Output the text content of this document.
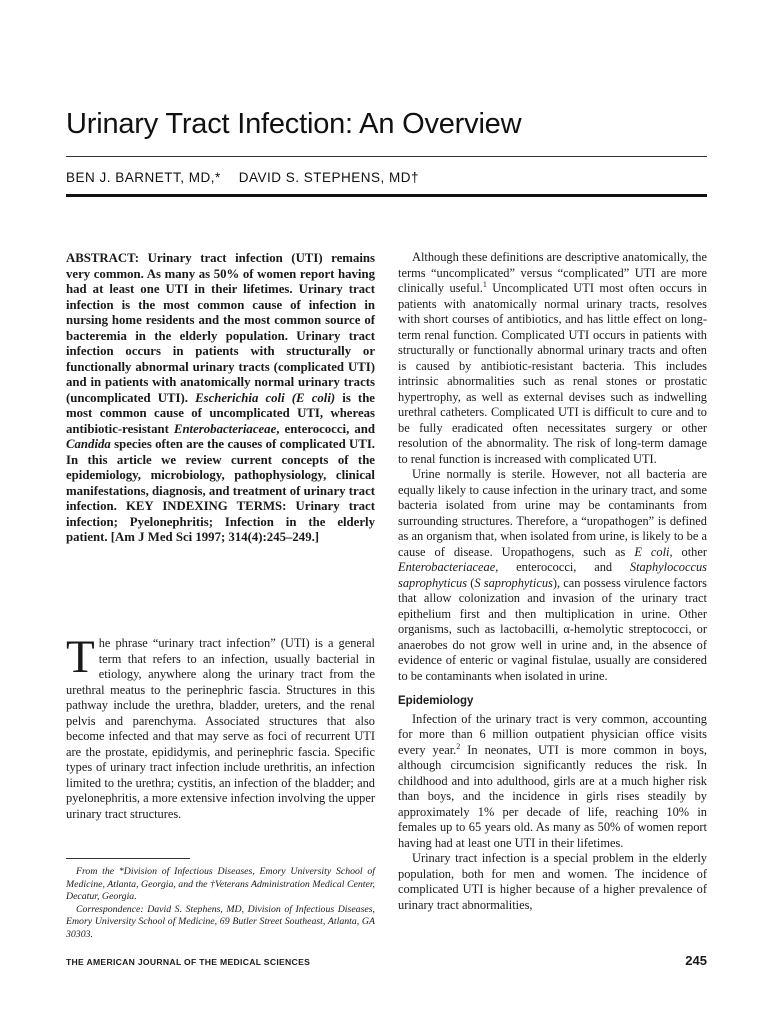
Urinary Tract Infection: An Overview
BEN J. BARNETT, MD,* DAVID S. STEPHENS, MD†
ABSTRACT: Urinary tract infection (UTI) remains very common. As many as 50% of women report having had at least one UTI in their lifetimes. Urinary tract infection is the most common cause of infection in nursing home residents and the most common source of bacteremia in the elderly population. Urinary tract infection occurs in patients with structurally or functionally abnormal urinary tracts (complicated UTI) and in patients with anatomically normal urinary tracts (uncomplicated UTI). Escherichia coli (E coli) is the most common cause of uncomplicated UTI, whereas antibiotic-resistant Enterobacteriaceae, enterococci, and Candida species often are the causes of complicated UTI. In this article we review current concepts of the epidemiology, microbiology, pathophysiology, clinical manifestations, diagnosis, and treatment of urinary tract infection. KEY INDEXING TERMS: Urinary tract infection; Pyelonephritis; Infection in the elderly patient. [Am J Med Sci 1997; 314(4):245–249.]

The phrase “urinary tract infection” (UTI) is a general term that refers to an infection, usually bacterial in etiology, anywhere along the urinary tract from the urethral meatus to the perinephric fascia. Structures in this pathway include the urethra, bladder, ureters, and the renal pelvis and parenchyma. Associated structures that also become infected and that may serve as foci of recurrent UTI are the prostate, epididymis, and perinephric fascia. Specific types of urinary tract infection include urethritis, an infection limited to the urethra; cystitis, an infection of the bladder; and pyelonephritis, a more extensive infection involving the upper urinary tract structures.

From the *Division of Infectious Diseases, Emory University School of Medicine, Atlanta, Georgia, and the †Veterans Administration Medical Center, Decatur, Georgia.

Correspondence: David S. Stephens, MD, Division of Infectious Diseases, Emory University School of Medicine, 69 Butler Street Southeast, Atlanta, GA 30303.

Although these definitions are descriptive anatomically, the terms “uncomplicated” versus “complicated” UTI are more clinically useful.$^1$ Uncomplicated UTI most often occurs in patients with anatomically normal urinary tracts, resolves with short courses of antibiotics, and has little effect on long-term renal function. Complicated UTI occurs in patients with structurally or functionally abnormal urinary tracts and often is caused by antibiotic-resistant bacteria. This includes intrinsic abnormalities such as renal stones or prostatic hypertrophy, as well as external devises such as indwelling urethral catheters. Complicated UTI is difficult to cure and to be fully eradicated often necessitates surgery or other resolution of the abnormality. The risk of long-term damage to renal function is increased with complicated UTI.

Urine normally is sterile. However, not all bacteria are equally likely to cause infection in the urinary tract, and some bacteria isolated from urine may be contaminants from surrounding structures. Therefore, a “uropathogen” is defined as an organism that, when isolated from urine, is likely to be a cause of disease. Uropathogens, such as E coli, other Enterobacteriaceae, enterococci, and Staphylococcus saprophyticus (S saprophyticus), can possess virulence factors that allow colonization and invasion of the urinary tract epithelium first and then multiplication in urine. Other organisms, such as lactobacilli, α-hemolytic streptococci, or anaerobes do not grow well in urine and, in the absence of evidence of enteric or vaginal fistulae, usually are considered to be contaminants when isolated in urine.

Epidemiology

Infection of the urinary tract is very common, accounting for more than 6 million outpatient physician office visits every year.$^2$ In neonates, UTI is more common in boys, although circumcision significantly reduces the risk. In childhood and into adulthood, girls are at a much higher risk than boys, and the incidence in girls rises steadily by approximately 1% per decade of life, reaching 10% in females up to 65 years old. As many as 50% of women report having had at least one UTI in their lifetimes.

Urinary tract infection is a special problem in the elderly population, both for men and women. The incidence of complicated UTI is higher because of a higher prevalence of urinary tract abnormalities,

THE AMERICAN JOURNAL OF THE MEDICAL SCIENCES	245
